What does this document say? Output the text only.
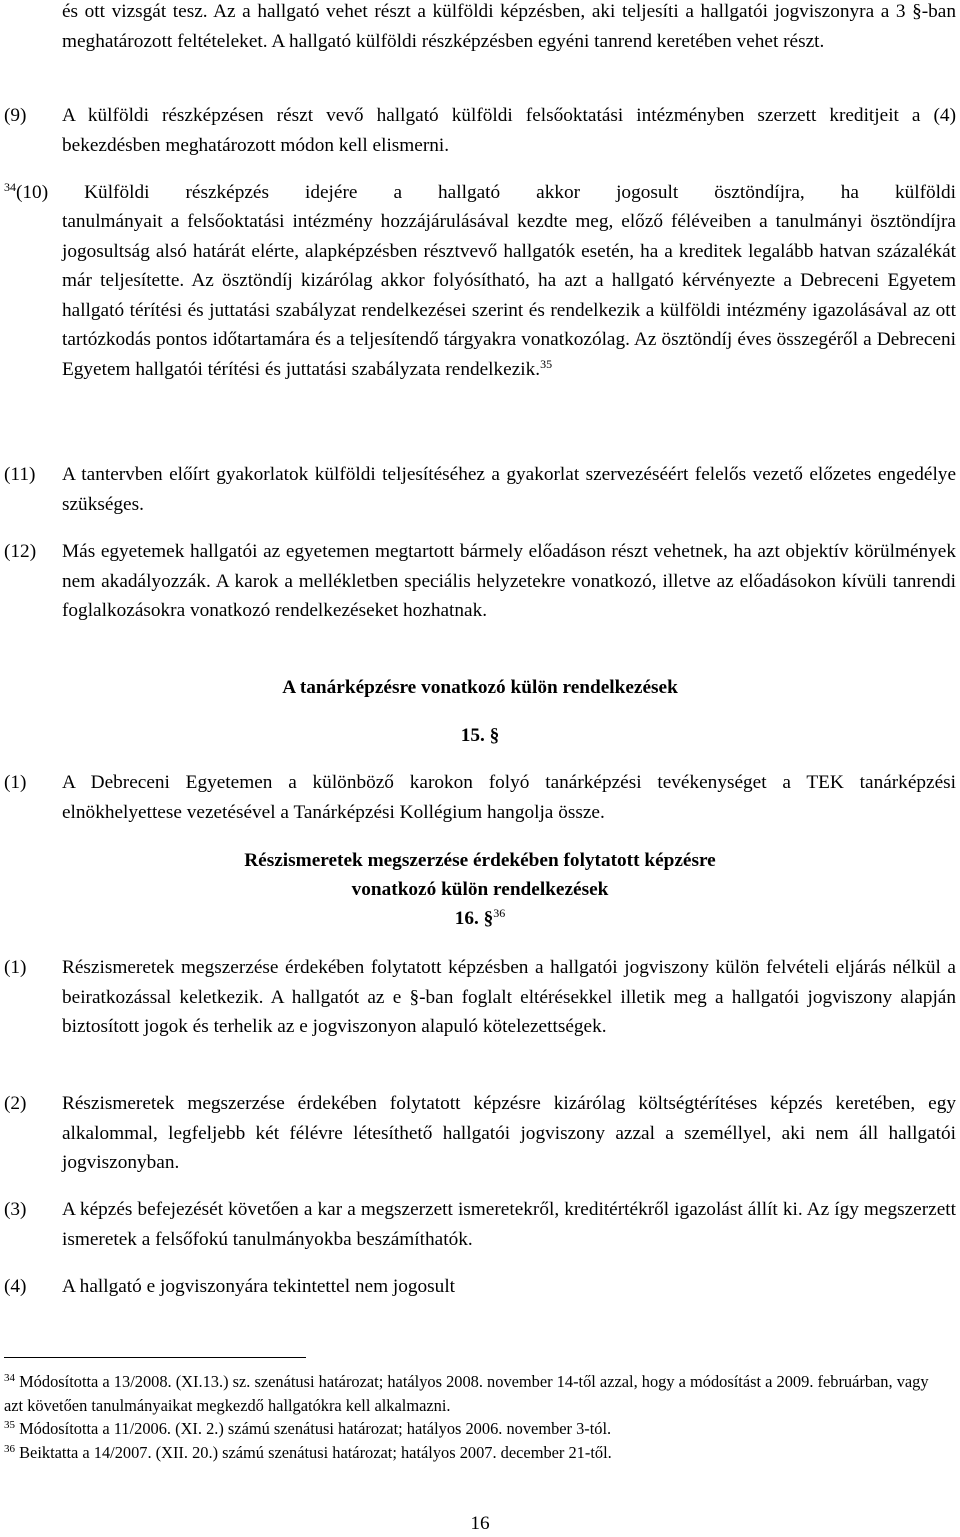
és ott vizsgát tesz. Az a hallgató vehet részt a külföldi képzésben, aki teljesíti a hallgatói jogviszonyra a 3 §-ban meghatározott feltételeket. A hallgató külföldi részképzésben egyéni tanrend keretében vehet részt.
(9) A külföldi részképzésen részt vevő hallgató külföldi felsőoktatási intézményben szerzett kreditjeit a (4) bekezdésben meghatározott módon kell elismerni.
$^{34}$(10) Külföldi részképzés idejére a hallgató akkor jogosult ösztöndíjra, ha külföldi
tanulmányait a felsőoktatási intézmény hozzájárulásával kezdte meg, előző féléveiben a tanulmányi ösztöndíjra jogosultság alsó határát elérte, alapképzésben résztvevő hallgatók esetén, ha a kreditek legalább hatvan százalékát már teljesítette. Az ösztöndíj kizárólag akkor folyósítható, ha azt a hallgató kérvényezte a Debreceni Egyetem hallgató térítési és juttatási szabályzat rendelkezései szerint és rendelkezik a külföldi intézmény igazolásával az ott tartózkodás pontos időtartamára és a teljesítendő tárgyakra vonatkozólag. Az ösztöndíj éves összegéről a Debreceni Egyetem hallgatói térítési és juttatási szabályzata rendelkezik.$^{35}$
(11) A tantervben előírt gyakorlatok külföldi teljesítéséhez a gyakorlat szervezéséért felelős vezető előzetes engedélye szükséges.
(12) Más egyetemek hallgatói az egyetemen megtartott bármely előadáson részt vehetnek, ha azt objektív körülmények nem akadályozzák. A karok a mellékletben speciális helyzetekre vonatkozó, illetve az előadásokon kívüli tanrendi foglalkozásokra vonatkozó rendelkezéseket hozhatnak.
A tanárképzésre vonatkozó külön rendelkezések
15. §
(1) A Debreceni Egyetemen a különböző karokon folyó tanárképzési tevékenységet a TEK tanárképzési elnökhelyettese vezetésével a Tanárképzési Kollégium hangolja össze.
Részismeretek megszerzése érdekében folytatott képzésre
vonatkozó külön rendelkezések
16. §$^{36}$
(1) Részismeretek megszerzése érdekében folytatott képzésben a hallgatói jogviszony külön felvételi eljárás nélkül a beiratkozással keletkezik. A hallgatót az e §-ban foglalt eltérésekkel illetik meg a hallgatói jogviszony alapján biztosított jogok és terhelik az e jogviszonyon alapuló kötelezettségek.
(2) Részismeretek megszerzése érdekében folytatott képzésre kizárólag költségtérítéses képzés keretében, egy alkalommal, legfeljebb két félévre létesíthető hallgatói jogviszony azzal a személlyel, aki nem áll hallgatói jogviszonyban.
(3) A képzés befejezését követően a kar a megszerzett ismeretekről, kreditértékről igazolást állít ki. Az így megszerzett ismeretek a felsőfokú tanulmányokba beszámíthatók.
(4) A hallgató e jogviszonyára tekintettel nem jogosult
$^{34}$ Módosította a 13/2008. (XI.13.) sz. szenátusi határozat; hatályos 2008. november 14-től azzal, hogy a módosítást a 2009. februárban, vagy azt követően tanulmányaikat megkezdő hallgatókra kell alkalmazni.
$^{35}$ Módosította a 11/2006. (XI. 2.) számú szenátusi határozat; hatályos 2006. november 3-tól.
$^{36}$ Beiktatta a 14/2007. (XII. 20.) számú szenátusi határozat; hatályos 2007. december 21-től.
16
